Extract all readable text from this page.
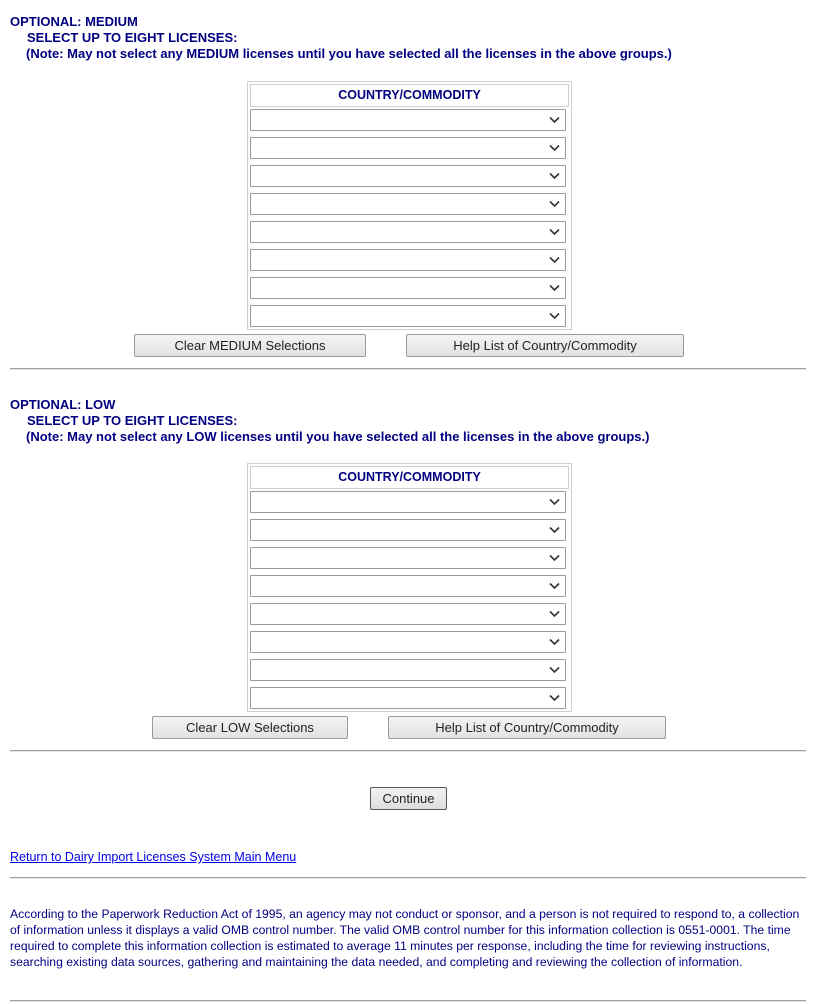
OPTIONAL: MEDIUM
SELECT UP TO EIGHT LICENSES:
(Note: May not select any MEDIUM licenses until you have selected all the licenses in the above groups.)
COUNTRY/COMMODITY
Clear MEDIUM Selections	Help List of Country/Commodity
OPTIONAL: LOW
SELECT UP TO EIGHT LICENSES:
(Note: May not select any LOW licenses until you have selected all the licenses in the above groups.)
COUNTRY/COMMODITY
Clear LOW Selections	Help List of Country/Commodity
Continue
Return to Dairy Import Licenses System Main Menu
According to the Paperwork Reduction Act of 1995, an agency may not conduct or sponsor, and a person is not required to respond to, a collection of information unless it displays a valid OMB control number. The valid OMB control number for this information collection is 0551-0001. The time required to complete this information collection is estimated to average 11 minutes per response, including the time for reviewing instructions, searching existing data sources, gathering and maintaining the data needed, and completing and reviewing the collection of information.
